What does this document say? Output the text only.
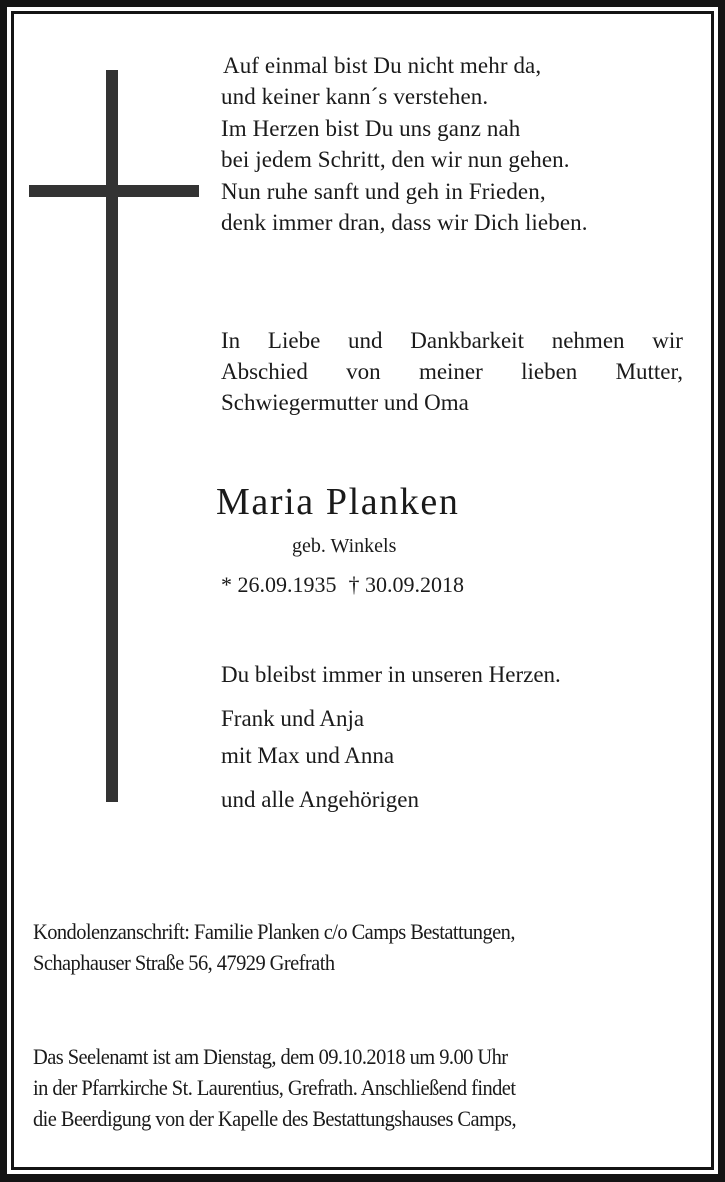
Auf einmal bist Du nicht mehr da,
und keiner kann´s verstehen.
Im Herzen bist Du uns ganz nah
bei jedem Schritt, den wir nun gehen.
Nun ruhe sanft und geh in Frieden,
denk immer dran, dass wir Dich lieben.
In Liebe und Dankbarkeit nehmen wir
Abschied von meiner lieben Mutter,
Schwiegermutter und Oma
Maria Planken
geb. Winkels
* 26.09.1935 † 30.09.2018
Du bleibst immer in unseren Herzen.
Frank und Anja
mit Max und Anna
und alle Angehörigen
Kondolenzanschrift: Familie Planken c/o Camps Bestattungen,
Schaphauser Straße 56, 47929 Grefrath
Das Seelenamt ist am Dienstag, dem 09.10.2018 um 9.00 Uhr
in der Pfarrkirche St. Laurentius, Grefrath. Anschließend findet
die Beerdigung von der Kapelle des Bestattungshauses Camps,
